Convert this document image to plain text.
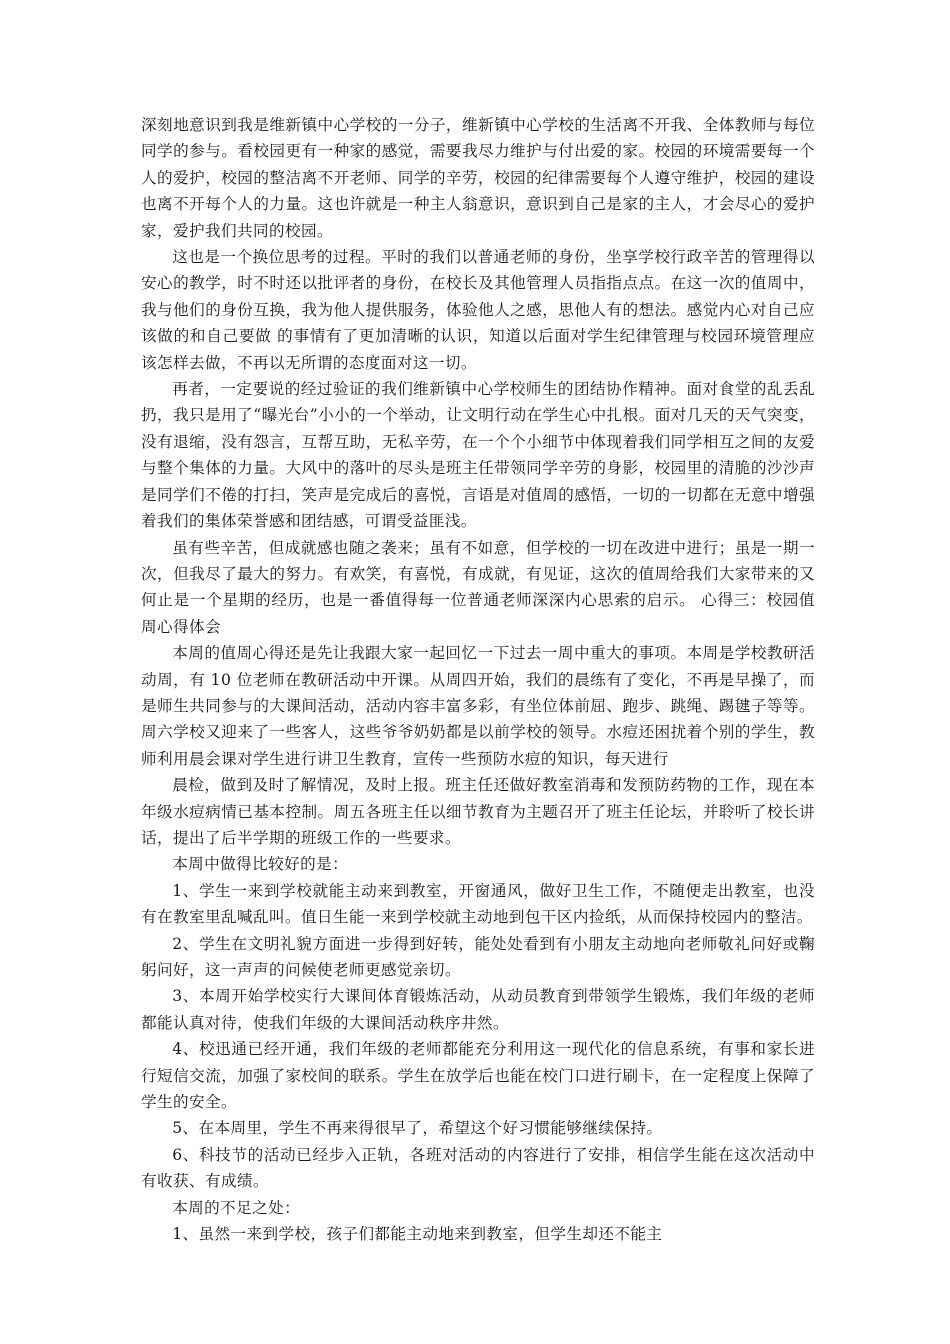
深刻地意识到我是维新镇中心学校的一分子，维新镇中心学校的生活离不开我、全体教师与每位同学的参与。看校园更有一种家的感觉，需要我尽力维护与付出爱的家。校园的环境需要每一个人的爱护，校园的整洁离不开老师、同学的辛劳，校园的纪律需要每个人遵守维护，校园的建设也离不开每个人的力量。这也许就是一种主人翁意识，意识到自己是家的主人，才会尽心的爱护家，爱护我们共同的校园。

这也是一个换位思考的过程。平时的我们以普通老师的身份，坐享学校行政辛苦的管理得以安心的教学，时不时还以批评者的身份，在校长及其他管理人员指指点点。在这一次的值周中，我与他们的身份互换，我为他人提供服务，体验他人之感，思他人有的想法。感觉内心对自己应该做的和自己要做 的事情有了更加清晰的认识，知道以后面对学生纪律管理与校园环境管理应该怎样去做，不再以无所谓的态度面对这一切。

再者，一定要说的经过验证的我们维新镇中心学校师生的团结协作精神。面对食堂的乱丢乱扔，我只是用了“曝光台”小小的一个举动，让文明行动在学生心中扎根。面对几天的天气突变，没有退缩，没有怨言，互帮互助，无私辛劳，在一个个小细节中体现着我们同学相互之间的友爱与整个集体的力量。大风中的落叶的尽头是班主任带领同学辛劳的身影，校园里的清脆的沙沙声是同学们不倦的打扫，笑声是完成后的喜悦，言语是对值周的感悟，一切的一切都在无意中增强着我们的集体荣誉感和团结感，可谓受益匪浅。

虽有些辛苦，但成就感也随之袭来；虽有不如意，但学校的一切在改进中进行；虽是一期一次，但我尽了最大的努力。有欢笑，有喜悦，有成就，有见证，这次的值周给我们大家带来的又何止是一个星期的经历，也是一番值得每一位普通老师深深内心思索的启示。 心得三：校园值周心得体会

本周的值周心得还是先让我跟大家一起回忆一下过去一周中重大的事项。本周是学校教研活动周，有 10 位老师在教研活动中开课。从周四开始，我们的晨练有了变化，不再是早操了，而是师生共同参与的大课间活动，活动内容丰富多彩，有坐位体前屈、跑步、跳绳、踢毽子等等。周六学校又迎来了一些客人，这些爷爷奶奶都是以前学校的领导。水痘还困扰着个别的学生，教师利用晨会课对学生进行讲卫生教育，宣传一些预防水痘的知识，每天进行

晨检，做到及时了解情况，及时上报。班主任还做好教室消毒和发预防药物的工作，现在本年级水痘病情已基本控制。周五各班主任以细节教育为主题召开了班主任论坛，并聆听了校长讲话，提出了后半学期的班级工作的一些要求。

本周中做得比较好的是：

1、学生一来到学校就能主动来到教室，开窗通风，做好卫生工作，不随便走出教室，也没有在教室里乱喊乱叫。值日生能一来到学校就主动地到包干区内捡纸，从而保持校园内的整洁。

2、学生在文明礼貌方面进一步得到好转，能处处看到有小朋友主动地向老师敬礼问好或鞠躬问好，这一声声的问候使老师更感觉亲切。

3、本周开始学校实行大课间体育锻炼活动，从动员教育到带领学生锻炼，我们年级的老师都能认真对待，使我们年级的大课间活动秩序井然。

4、校迅通已经开通，我们年级的老师都能充分利用这一现代化的信息系统，有事和家长进行短信交流，加强了家校间的联系。学生在放学后也能在校门口进行刷卡，在一定程度上保障了学生的安全。

5、在本周里，学生不再来得很早了，希望这个好习惯能够继续保持。

6、科技节的活动已经步入正轨，各班对活动的内容进行了安排，相信学生能在这次活动中有收获、有成绩。

本周的不足之处：

1、虽然一来到学校，孩子们都能主动地来到教室，但学生却还不能主
